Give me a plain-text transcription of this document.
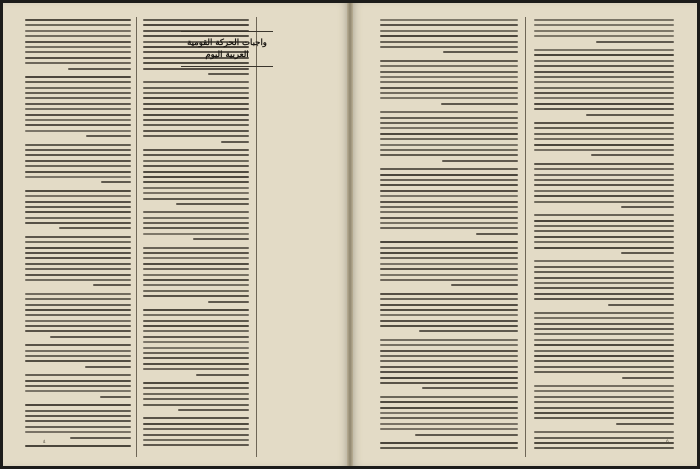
واجبات الحركة القومية العربية اليوم
٤	٥
